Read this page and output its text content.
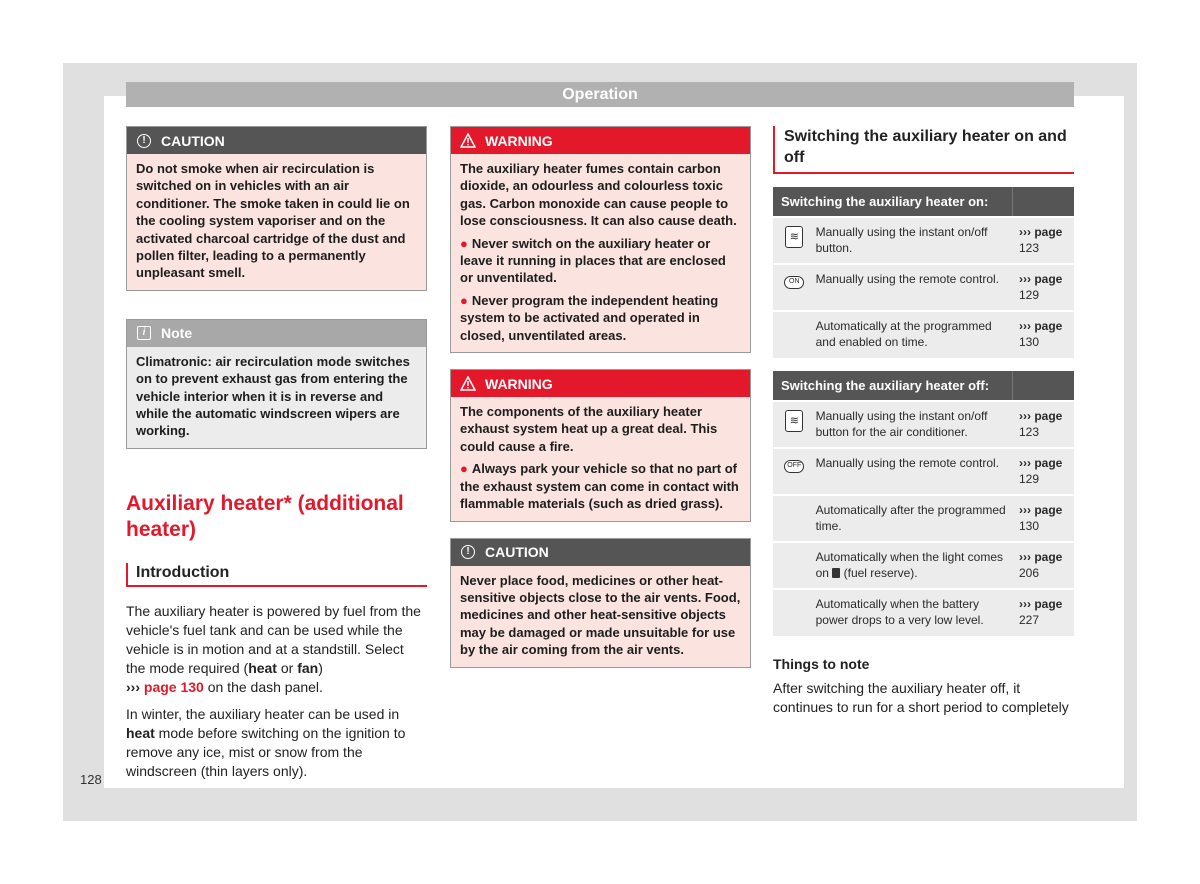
Operation
!	CAUTION

Do not smoke when air recirculation is switched on in vehicles with an air conditioner. The smoke taken in could lie on the cooling system vaporiser and on the activated charcoal cartridge of the dust and pollen filter, leading to a permanently unpleasant smell.

i	Note

Climatronic: air recirculation mode switches on to prevent exhaust gas from entering the vehicle interior when it is in reverse and while the automatic windscreen wipers are working.

Auxiliary heater* (additional heater)
Introduction

The auxiliary heater is powered by fuel from the vehicle's fuel tank and can be used while the vehicle is in motion and at a standstill. Select the mode required (heat or fan)
››› page 130 on the dash panel.

In winter, the auxiliary heater can be used in heat mode before switching on the ignition to remove any ice, mist or snow from the windscreen (thin layers only).

WARNING

The auxiliary heater fumes contain carbon dioxide, an odourless and colourless toxic gas. Carbon monoxide can cause people to lose consciousness. It can also cause death.

● Never switch on the auxiliary heater or leave it running in places that are enclosed or unventilated.

● Never program the independent heating system to be activated and operated in closed, unventilated areas.

WARNING

The components of the auxiliary heater exhaust system heat up a great deal. This could cause a fire.

● Always park your vehicle so that no part of the exhaust system can come in contact with flammable materials (such as dried grass).

!	CAUTION

Never place food, medicines or other heat-sensitive objects close to the air vents. Food, medicines and other heat-sensitive objects may be damaged or made unsuitable for use by the air coming from the air vents.

Switching the auxiliary heater on and off
Switching the auxiliary heater on:		
≋	Manually using the instant on/off button.	››› page
123
ON	Manually using the remote control.	››› page
129
	Automatically at the programmed and enabled on time.	››› page
130
Switching the auxiliary heater off:		
≋	Manually using the instant on/off button for the air conditioner.	››› page
123
OFF	Manually using the remote control.	››› page
129
	Automatically after the programmed time.	››› page
130
	Automatically when the light comes on  (fuel reserve).	››› page
206
	Automatically when the battery power drops to a very low level.	››› page
227
Things to note

After switching the auxiliary heater off, it continues to run for a short period to completely

128
